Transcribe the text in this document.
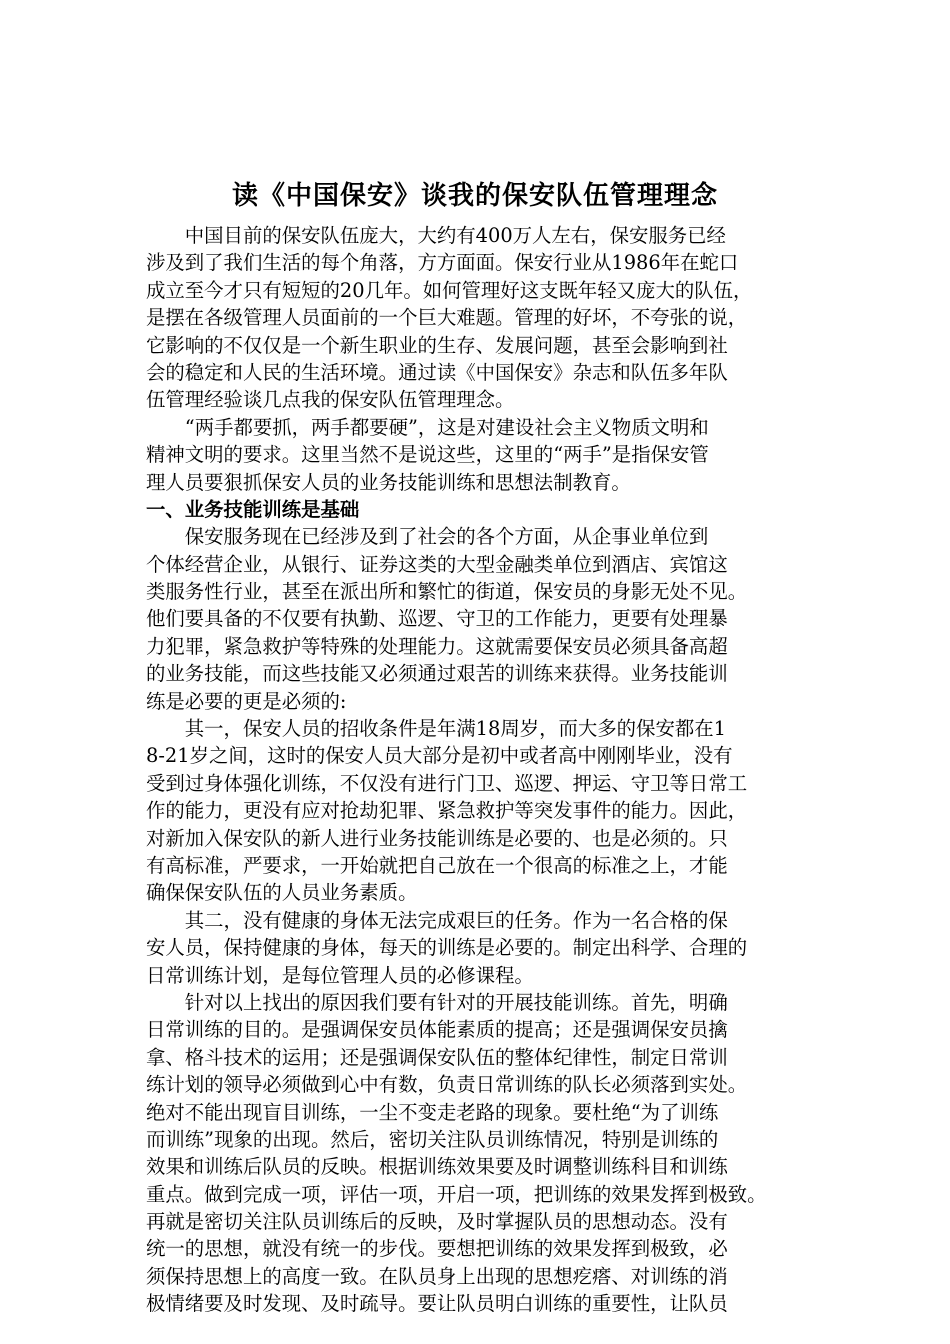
读《中国保安》谈我的保安队伍管理理念
　　中国目前的保安队伍庞大，大约有400万人左右，保安服务已经
涉及到了我们生活的每个角落，方方面面。保安行业从1986年在蛇口
成立至今才只有短短的20几年。如何管理好这支既年轻又庞大的队伍，
是摆在各级管理人员面前的一个巨大难题。管理的好坏，不夸张的说，
它影响的不仅仅是一个新生职业的生存、发展问题，甚至会影响到社
会的稳定和人民的生活环境。通过读《中国保安》杂志和队伍多年队
伍管理经验谈几点我的保安队伍管理理念。
　　“两手都要抓，两手都要硬”，这是对建设社会主义物质文明和
精神文明的要求。这里当然不是说这些，这里的“两手”是指保安管
理人员要狠抓保安人员的业务技能训练和思想法制教育。
一、业务技能训练是基础
　　保安服务现在已经涉及到了社会的各个方面，从企事业单位到
个体经营企业，从银行、证券这类的大型金融类单位到酒店、宾馆这
类服务性行业，甚至在派出所和繁忙的街道，保安员的身影无处不见。
他们要具备的不仅要有执勤、巡逻、守卫的工作能力，更要有处理暴
力犯罪，紧急救护等特殊的处理能力。这就需要保安员必须具备高超
的业务技能，而这些技能又必须通过艰苦的训练来获得。业务技能训
练是必要的更是必须的:
　　其一，保安人员的招收条件是年满18周岁，而大多的保安都在1
8-21岁之间，这时的保安人员大部分是初中或者高中刚刚毕业，没有
受到过身体强化训练，不仅没有进行门卫、巡逻、押运、守卫等日常工
作的能力，更没有应对抢劫犯罪、紧急救护等突发事件的能力。因此，
对新加入保安队的新人进行业务技能训练是必要的、也是必须的。只
有高标准，严要求，一开始就把自己放在一个很高的标准之上，才能
确保保安队伍的人员业务素质。
　　其二，没有健康的身体无法完成艰巨的任务。作为一名合格的保
安人员，保持健康的身体，每天的训练是必要的。制定出科学、合理的
日常训练计划，是每位管理人员的必修课程。
　　针对以上找出的原因我们要有针对的开展技能训练。首先，明确
日常训练的目的。是强调保安员体能素质的提高；还是强调保安员擒
拿、格斗技术的运用；还是强调保安队伍的整体纪律性，制定日常训
练计划的领导必须做到心中有数，负责日常训练的队长必须落到实处。
绝对不能出现盲目训练，一尘不变走老路的现象。要杜绝“为了训练
而训练”现象的出现。然后，密切关注队员训练情况，特别是训练的
效果和训练后队员的反映。根据训练效果要及时调整训练科目和训练
重点。做到完成一项，评估一项，开启一项，把训练的效果发挥到极致。
再就是密切关注队员训练后的反映，及时掌握队员的思想动态。没有
统一的思想，就没有统一的步伐。要想把训练的效果发挥到极致，必
须保持思想上的高度一致。在队员身上出现的思想疙瘩、对训练的消
极情绪要及时发现、及时疏导。要让队员明白训练的重要性，让队员
